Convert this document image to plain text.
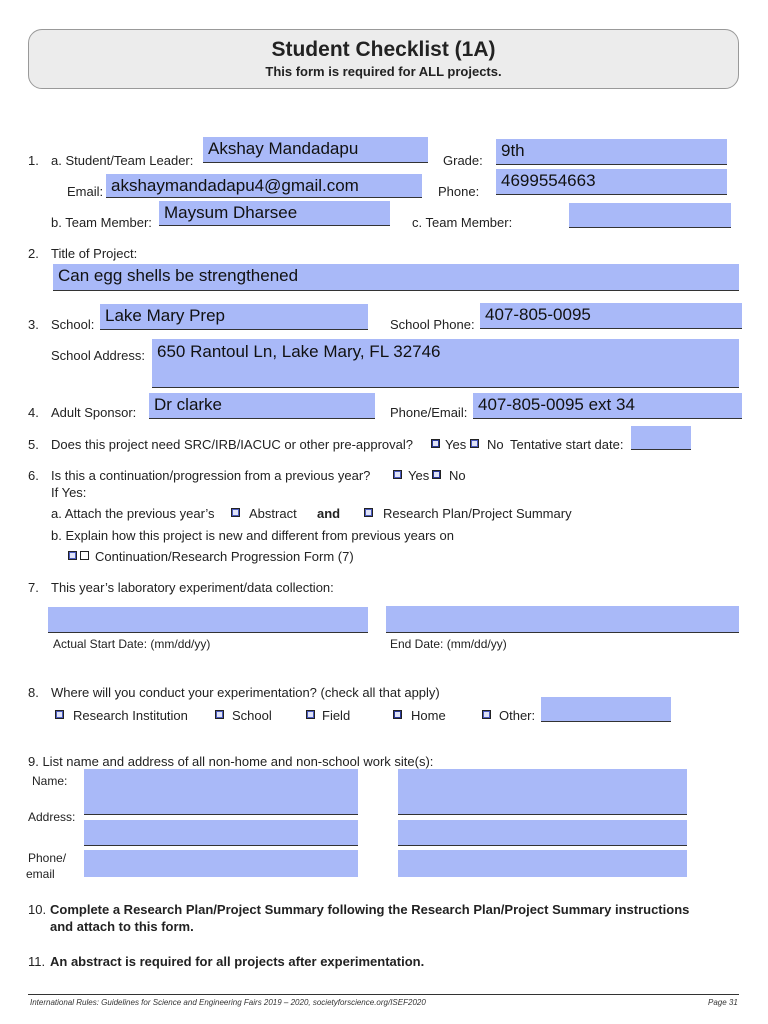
Student Checklist (1A)
This form is required for ALL projects.
1. a. Student/Team Leader:
Akshay Mandadapu
Grade:
9th
Email: akshaymandadapu4@gmail.com	Phone:
4699554663
b. Team Member:
Maysum Dharsee
c. Team Member:
2. Title of Project:
Can egg shells be strengthened
3. School: Lake Mary Prep	School Phone:
407-805-0095
School Address: 650 Rantoul Ln, Lake Mary, FL 32746
4. Adult Sponsor: Dr clarke	Phone/Email: 407-805-0095 ext 34
5. Does this project need SRC/IRB/IACUC or other pre-approval? Yes No Tentative start date:
6. Is this a continuation/progression from a previous year?	Yes No
If Yes:
a. Attach the previous year’s	Abstract and	Research Plan/Project Summary
b. Explain how this project is new and different from previous years on
Continuation/Research Progression Form (7)
7. This year’s laboratory experiment/data collection:
Actual Start Date: (mm/dd/yy)	End Date: (mm/dd/yy)
8. Where will you conduct your experimentation? (check all that apply)
Research Institution	School	Field	Home	Other:
9. List name and address of all non-home and non-school work site(s):
Name:
Address:
Phone/
email
10. Complete a Research Plan/Project Summary following the Research Plan/Project Summary instructions
and attach to this form.
11. An abstract is required for all projects after experimentation.
International Rules: Guidelines for Science and Engineering Fairs 2019 – 2020, societyforscience.org/ISEF2020	Page 31
